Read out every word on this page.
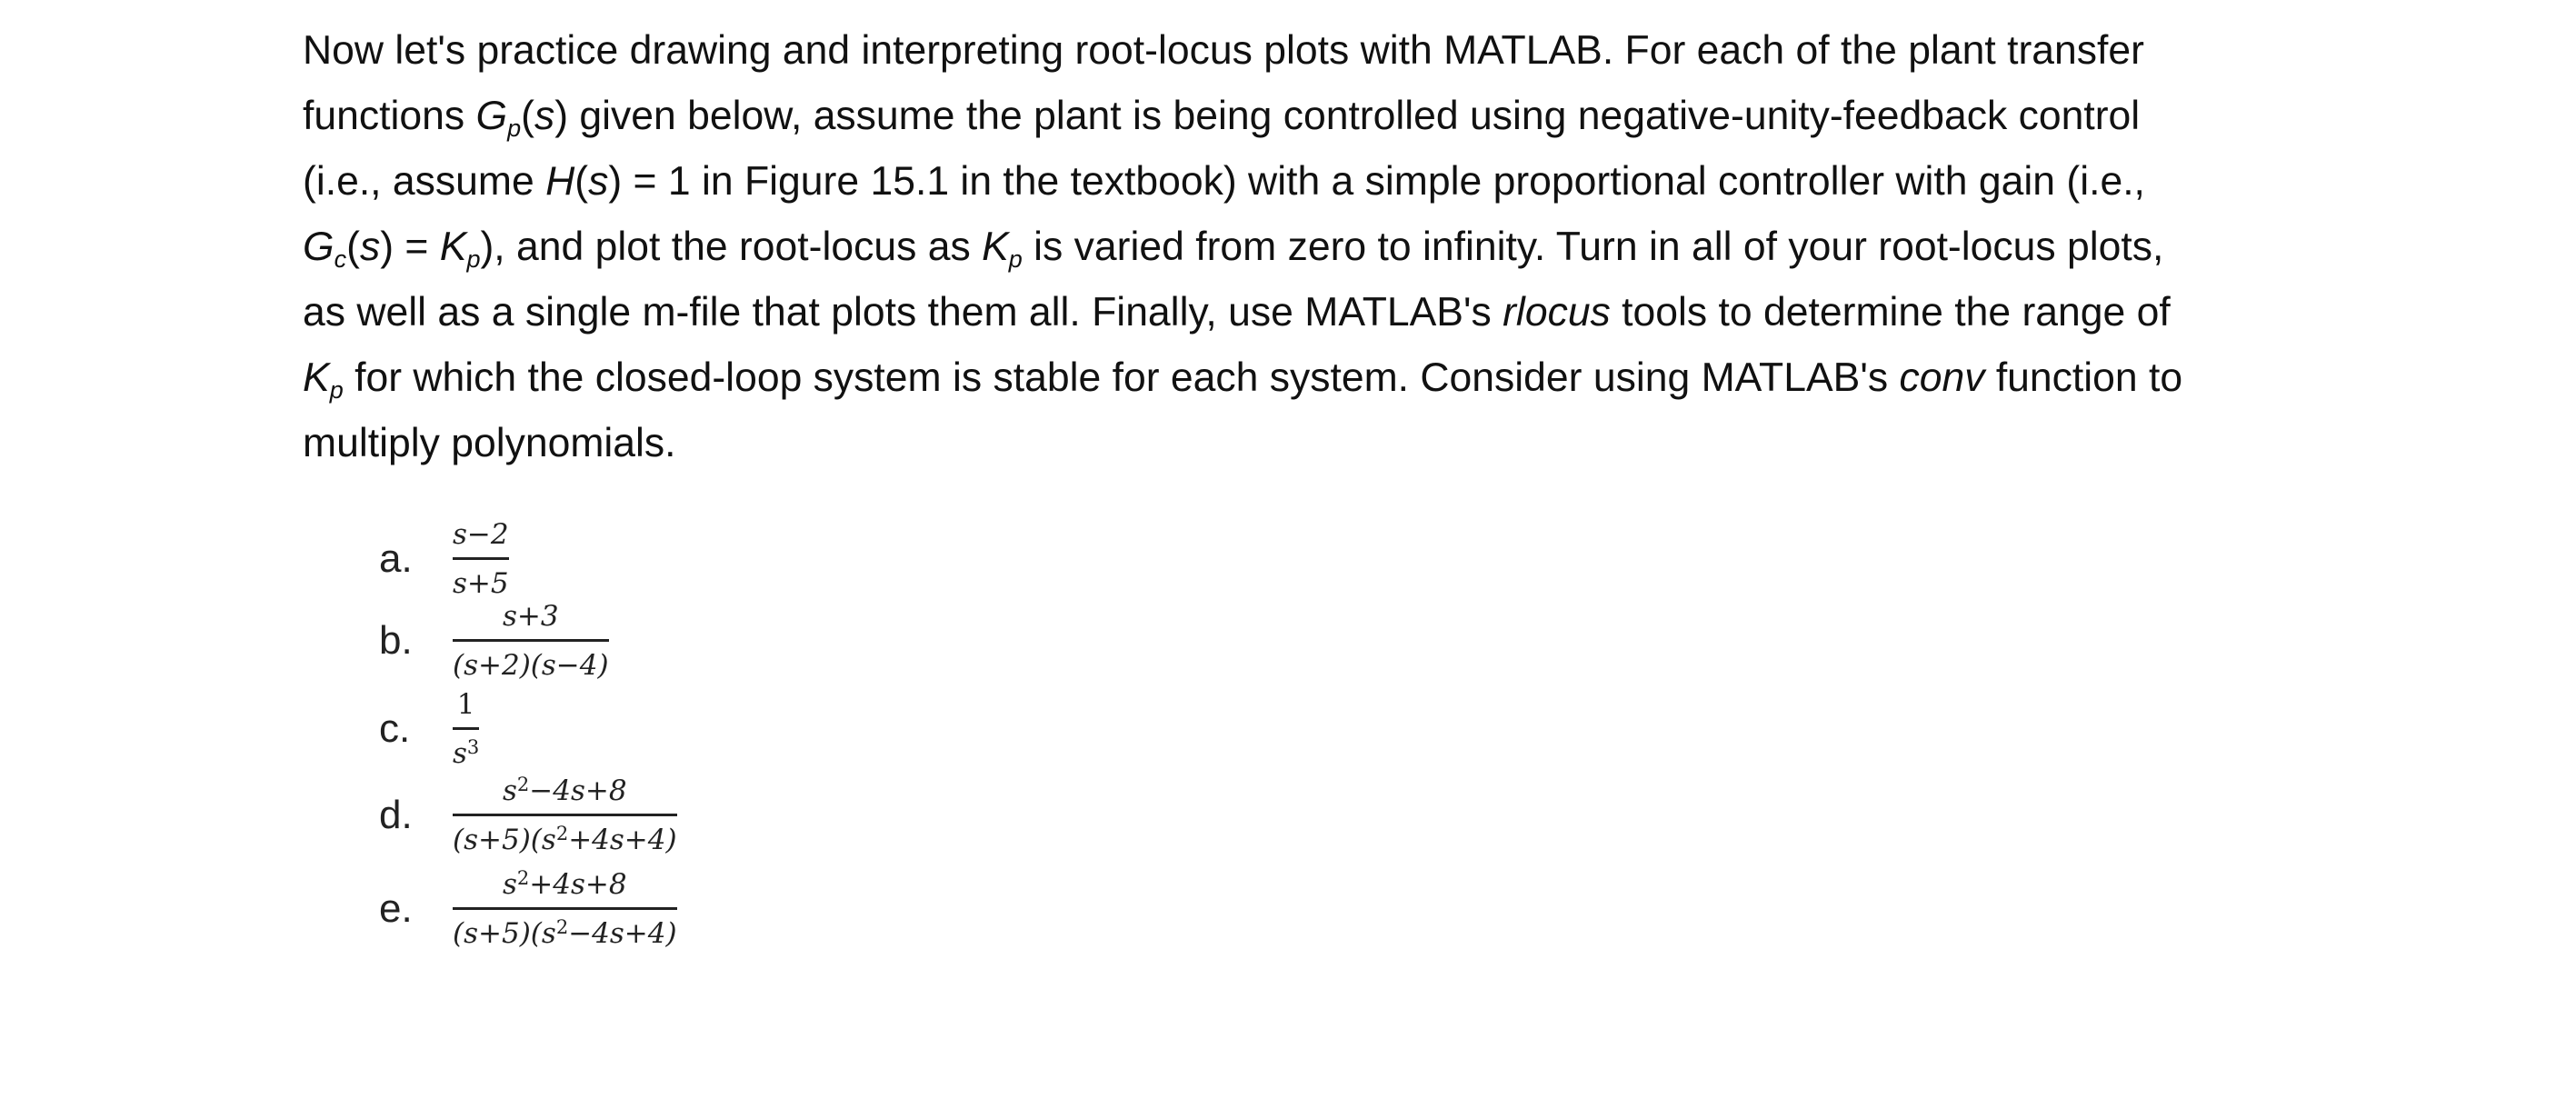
Now let's practice drawing and interpreting root-locus plots with MATLAB. For each of the plant transfer
functions $G_p(s)$ given below, assume the plant is being controlled using negative-unity-feedback control
(i.e., assume H(s) = 1 in Figure 15.1 in the textbook) with a simple proportional controller with gain (i.e.,
$G_c(s) = K_p$), and plot the root-locus as $K_p$ is varied from zero to infinity. Turn in all of your root-locus plots,
as well as a single m-file that plots them all. Finally, use MATLAB's rlocus tools to determine the range of
$K_p$ for which the closed-loop system is stable for each system. Consider using MATLAB's conv function to
multiply polynomials.
a.
s−2
s+5
b.
s+3
(s+2)(s−4)
c.
1
$s^3$
d.
$s^2-4s+8$
$(s+5)(s^2+4s+4)$
e.
$s^2+4s+8$
$(s+5)(s^2-4s+4)$
